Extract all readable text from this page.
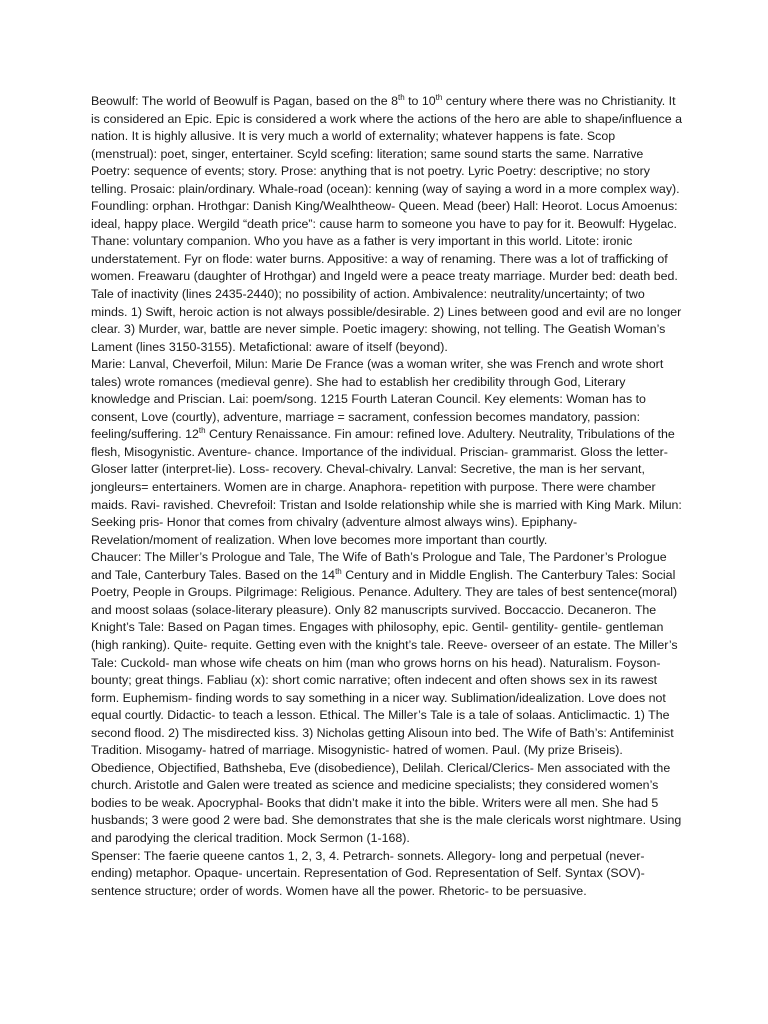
Beowulf: The world of Beowulf is Pagan, based on the 8th to 10th century where there was no Christianity. It is considered an Epic. Epic is considered a work where the actions of the hero are able to shape/influence a nation. It is highly allusive. It is very much a world of externality; whatever happens is fate. Scop (menstrual): poet, singer, entertainer. Scyld scefing: literation; same sound starts the same. Narrative Poetry: sequence of events; story. Prose: anything that is not poetry. Lyric Poetry: descriptive; no story telling. Prosaic: plain/ordinary. Whale-road (ocean): kenning (way of saying a word in a more complex way). Foundling: orphan. Hrothgar: Danish King/Wealhtheow- Queen. Mead (beer) Hall: Heorot. Locus Amoenus: ideal, happy place. Wergild “death price”: cause harm to someone you have to pay for it. Beowulf: Hygelac. Thane: voluntary companion. Who you have as a father is very important in this world. Litote: ironic understatement. Fyr on flode: water burns. Appositive: a way of renaming. There was a lot of trafficking of women. Freawaru (daughter of Hrothgar) and Ingeld were a peace treaty marriage. Murder bed: death bed. Tale of inactivity (lines 2435-2440); no possibility of action. Ambivalence: neutrality/uncertainty; of two minds. 1) Swift, heroic action is not always possible/desirable. 2) Lines between good and evil are no longer clear. 3) Murder, war, battle are never simple. Poetic imagery: showing, not telling. The Geatish Woman’s Lament (lines 3150-3155). Metafictional: aware of itself (beyond).

Marie: Lanval, Cheverfoil, Milun: Marie De France (was a woman writer, she was French and wrote short tales) wrote romances (medieval genre). She had to establish her credibility through God, Literary knowledge and Priscian. Lai: poem/song. 1215 Fourth Lateran Council. Key elements: Woman has to consent, Love (courtly), adventure, marriage = sacrament, confession becomes mandatory, passion: feeling/suffering. 12th Century Renaissance. Fin amour: refined love. Adultery. Neutrality, Tribulations of the flesh, Misogynistic. Aventure- chance. Importance of the individual. Priscian- grammarist. Gloss the letter- Gloser latter (interpret-lie). Loss- recovery. Cheval-chivalry. Lanval: Secretive, the man is her servant, jongleurs= entertainers. Women are in charge. Anaphora- repetition with purpose. There were chamber maids. Ravi- ravished. Chevrefoil: Tristan and Isolde relationship while she is married with King Mark. Milun: Seeking pris- Honor that comes from chivalry (adventure almost always wins). Epiphany- Revelation/moment of realization. When love becomes more important than courtly.

Chaucer: The Miller’s Prologue and Tale, The Wife of Bath’s Prologue and Tale, The Pardoner’s Prologue and Tale, Canterbury Tales. Based on the 14th Century and in Middle English. The Canterbury Tales: Social Poetry, People in Groups. Pilgrimage: Religious. Penance. Adultery. They are tales of best sentence(moral) and moost solaas (solace-literary pleasure). Only 82 manuscripts survived. Boccaccio. Decaneron. The Knight’s Tale: Based on Pagan times. Engages with philosophy, epic. Gentil- gentility- gentile- gentleman (high ranking). Quite- requite. Getting even with the knight’s tale. Reeve- overseer of an estate. The Miller’s Tale: Cuckold- man whose wife cheats on him (man who grows horns on his head). Naturalism. Foyson- bounty; great things. Fabliau (x): short comic narrative; often indecent and often shows sex in its rawest form. Euphemism- finding words to say something in a nicer way. Sublimation/idealization. Love does not equal courtly. Didactic- to teach a lesson. Ethical. The Miller’s Tale is a tale of solaas. Anticlimactic. 1) The second flood. 2) The misdirected kiss. 3) Nicholas getting Alisoun into bed. The Wife of Bath’s: Antifeminist Tradition. Misogamy- hatred of marriage. Misogynistic- hatred of women. Paul. (My prize Briseis). Obedience, Objectified, Bathsheba, Eve (disobedience), Delilah. Clerical/Clerics- Men associated with the church. Aristotle and Galen were treated as science and medicine specialists; they considered women’s bodies to be weak. Apocryphal- Books that didn’t make it into the bible. Writers were all men. She had 5 husbands; 3 were good 2 were bad. She demonstrates that she is the male clericals worst nightmare. Using and parodying the clerical tradition. Mock Sermon (1-168).

Spenser: The faerie queene cantos 1, 2, 3, 4. Petrarch- sonnets. Allegory- long and perpetual (never-ending) metaphor. Opaque- uncertain. Representation of God. Representation of Self. Syntax (SOV)- sentence structure; order of words. Women have all the power. Rhetoric- to be persuasive.
